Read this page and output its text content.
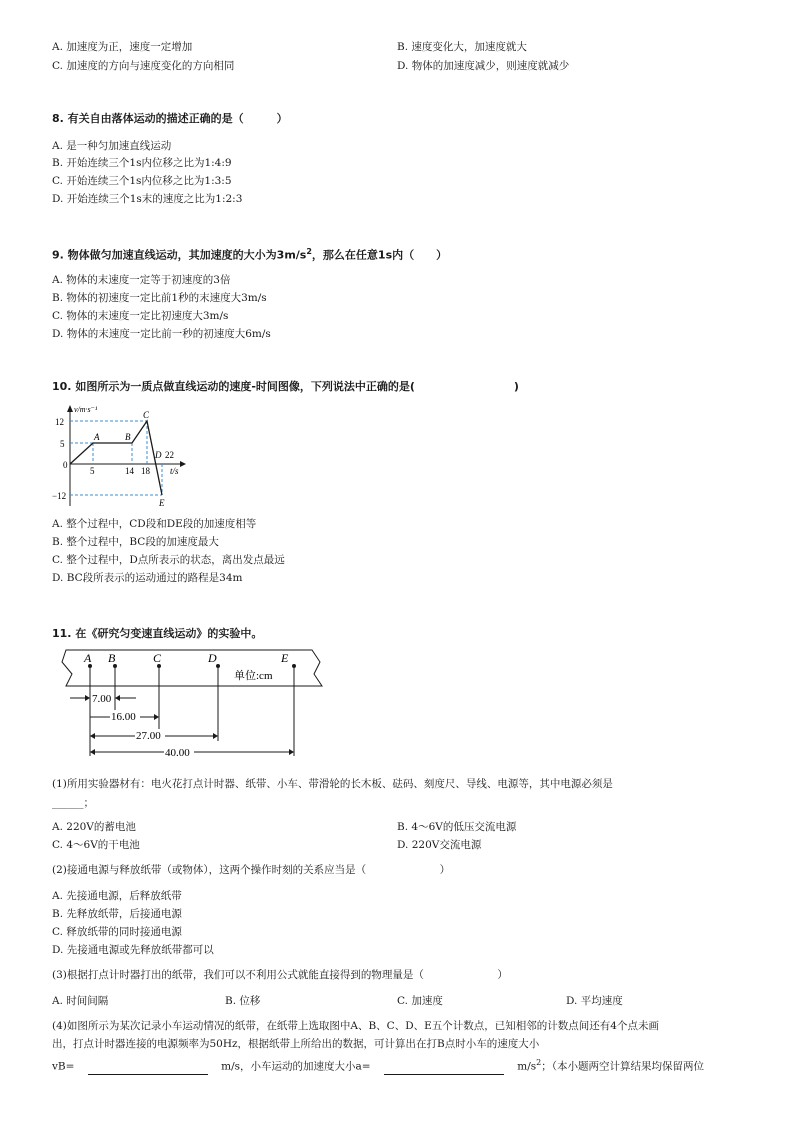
A. 加速度为正，速度一定增加	B. 速度变化大，加速度就大
C. 加速度的方向与速度变化的方向相同	D. 物体的加速度减少，则速度就减少
8. 有关自由落体运动的描述正确的是（　　　）
A. 是一种匀加速直线运动
B. 开始连续三个1s内位移之比为1:4:9
C. 开始连续三个1s内位移之比为1:3:5
D. 开始连续三个1s末的速度之比为1:2:3
9. 物体做匀加速直线运动，其加速度的大小为$3m/s^2$，那么在任意1s内（　　）
A. 物体的末速度一定等于初速度的3倍
B. 物体的初速度一定比前1秒的末速度大3m/s
C. 物体的末速度一定比初速度大3m/s
D. 物体的末速度一定比前一秒的初速度大6m/s
10. 如图所示为一质点做直线运动的速度-时间图像，下列说法中正确的是(　　　　　　　　　)
v/m·s⁻¹
t/s
12
5
0
−12
5	14 18
22
A	B
C
D
E
A. 整个过程中，CD段和DE段的加速度相等
B. 整个过程中，BC段的加速度最大
C. 整个过程中，D点所表示的状态，离出发点最远
D. BC段所表示的运动通过的路程是34m
11. 在《研究匀变速直线运动》的实验中。
A B	C	D	E
单位:cm
7.00
16.00
27.00
40.00
(1)所用实验器材有：电火花打点计时器、纸带、小车、带滑轮的长木板、砝码、刻度尺、导线、电源等，其中电源必须是
______；
A. 220V的蓄电池	B. 4～6V的低压交流电源
C. 4～6V的干电池	D. 220V交流电源
(2)接通电源与释放纸带（或物体），这两个操作时刻的关系应当是（　　　　　　　）
A. 先接通电源，后释放纸带
B. 先释放纸带，后接通电源
C. 释放纸带的同时接通电源
D. 先接通电源或先释放纸带都可以
(3)根据打点计时器打出的纸带，我们可以不利用公式就能直接得到的物理量是（　　　　　　　）
A. 时间间隔	B. 位移	C. 加速度	D. 平均速度
(4)如图所示为某次记录小车运动情况的纸带，在纸带上选取图中A、B、C、D、E五个计数点，已知相邻的计数点间还有4个点未画
出，打点计时器连接的电源频率为50Hz，根据纸带上所给出的数据，可计算出在打B点时小车的速度大小
vB=	m/s，小车运动的加速度大小a=	$m/s^2$；（本小题两空计算结果均保留两位
